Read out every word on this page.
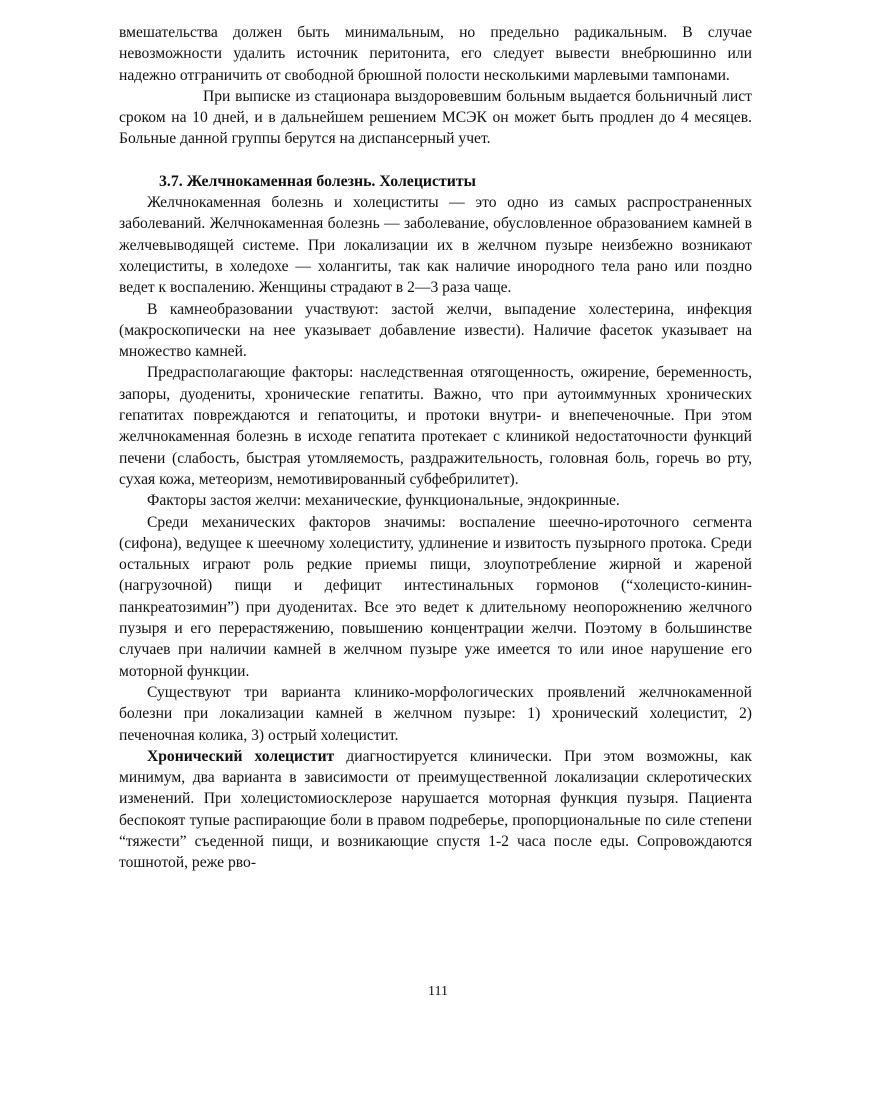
вмешательства должен быть минимальным, но предельно радикальным. В случае невозможности удалить источник перитонита, его следует вывести внебрюшинно или надежно отграничить от свободной брюшной полости несколькими марлевыми тампонами.

При выписке из стационара выздоровевшим больным выдается больничный лист сроком на 10 дней, и в дальнейшем решением МСЭК он может быть продлен до 4 месяцев. Больные данной группы берутся на диспансерный учет.

3.7. Желчнокаменная болезнь. Холециститы

Желчнокаменная болезнь и холециститы — это одно из самых распространенных заболеваний. Желчнокаменная болезнь — заболевание, обусловленное образованием камней в желчевыводящей системе. При локализации их в желчном пузыре неизбежно возникают холециститы, в холедохе — холангиты, так как наличие инородного тела рано или поздно ведет к воспалению. Женщины страдают в 2—3 раза чаще.

В камнеобразовании участвуют: застой желчи, выпадение холестерина, инфекция (макроскопически на нее указывает добавление извести). Наличие фасеток указывает на множество камней.

Предрасполагающие факторы: наследственная отягощенность, ожирение, беременность, запоры, дуодениты, хронические гепатиты. Важно, что при аутоиммунных хронических гепатитах повреждаются и гепатоциты, и протоки внутри- и внепеченочные. При этом желчнокаменная болезнь в исходе гепатита протекает с клиникой недостаточности функций печени (слабость, быстрая утомляемость, раздражительность, головная боль, горечь во рту, сухая кожа, метеоризм, немотивированный субфебрилитет).

Факторы застоя желчи: механические, функциональные, эндокринные.

Среди механических факторов значимы: воспаление шеечно-ироточного сегмента (сифона), ведущее к шеечному холециститу, удлинение и извитость пузырного протока. Среди остальных играют роль редкие приемы пищи, злоупотребление жирной и жареной (нагрузочной) пищи и дефицит интестинальных гормонов (“холецисто-кинин-панкреатозимин”) при дуоденитах. Все это ведет к длительному неопорожнению желчного пузыря и его перерастяжению, повышению концентрации желчи. Поэтому в большинстве случаев при наличии камней в желчном пузыре уже имеется то или иное нарушение его моторной функции.

Существуют три варианта клинико-морфологических проявлений желчнокаменной болезни при локализации камней в желчном пузыре: 1) хронический холецистит, 2) печеночная колика, 3) острый холецистит.

Хронический холецистит диагностируется клинически. При этом возможны, как минимум, два варианта в зависимости от преимущественной локализации склеротических изменений. При холецистомиосклерозе нарушается моторная функция пузыря. Пациента беспокоят тупые распирающие боли в правом подреберье, пропорциональные по силе степени “тяжести” съеденной пищи, и возникающие спустя 1-2 часа после еды. Сопровождаются тошнотой, реже рво-

111
